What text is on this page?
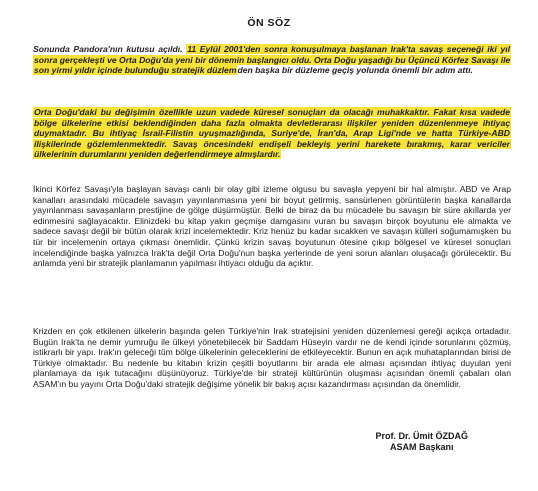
ÖN SÖZ
Sonunda Pandora'nın kutusu açıldı. 11 Eylül 2001'den sonra konuşulmaya başlanan Irak'ta savaş seçeneği iki yıl sonra gerçekleşti ve Orta Doğu'da yeni bir dönemin başlangıcı oldu. Orta Doğu yaşadığı bu Üçüncü Körfez Savaşı ile son yirmi yıldır içinde bulunduğu stratejik düzlemden başka bir düzleme geçiş yolunda önemli bir adım attı.
Orta Doğu'daki bu değişimin özellikle uzun vadede küresel sonuçları da olacağı muhakkaktır. Fakat kısa vadede bölge ülkelerine etkisi beklendiğinden daha fazla olmakta devletlerarası ilişkiler yeniden düzenlenmeye ihtiyaç duymaktadır. Bu ihtiyaç İsrail-Filistin uyuşmazlığında, Suriye'de, İran'da, Arap Ligi'nde ve hatta Türkiye-ABD ilişkilerinde gözlemlenmektedir. Savaş öncesindeki endişeli bekleyiş yerini harekete bırakmış, karar vericiler ülkelerinin durumlarını yeniden değerlendirmeye almışlardır.
İkinci Körfez Savaşı'yla başlayan savaşı canlı bir olay gibi izleme olgusu bu savaşla yepyeni bir hal almıştır. ABD ve Arap kanalları arasındaki mücadele savaşın yayınlanmasına yeni bir boyut getirmiş, sansürlenen görüntülerin başka kanallarda yayınlanması savaşanların prestijine de gölge düşürmüştür. Belki de biraz da bu mücadele bu savaşın bir süre akıllarda yer edinmesini sağlayacaktır. Elinizdeki bu kitap yakın geçmişe damgasını vuran bu savaşın birçok boyutunu ele almakta ve sadece savaşı değil bir bütün olarak krizi incelemektedir. Kriz henüz bu kadar sıcakken ve savaşın külleri soğumamışken bu tür bir incelemenin ortaya çıkması önemlidir. Çünkü krizin savaş boyutunun ötesine çıkıp bölgesel ve küresel sonuçları incelendiğinde başka yalnızca Irak'ta değil Orta Doğu'nun başka yerlerinde de yeni sorun alanları oluşacağı görülecektir. Bu anlamda yeni bir stratejik planlamanın yapılması ihtiyacı olduğu da açıktır.
Krizden en çok etkilenen ülkelerin başında gelen Türkiye'nin Irak stratejisini yeniden düzenlemesi gereği açıkça ortadadır. Bugün Irak'ta ne demir yumruğu ile ülkeyi yönetebilecek bir Saddam Hüseyin vardır ne de kendi içinde sorunlarını çözmüş, istikrarlı bir yapı. Irak'ın geleceği tüm bölge ülkelerinin geleceklerini de etkileyecektir. Bunun en açık muhataplarından birisi de Türkiye olmaktadır. Bu nedenle bu kitabın krizin çeşitli boyutlarını bir arada ele alması açısından ihtiyaç duyulan yeni planlamaya da ışık tutacağını düşünüyoruz. Türkiye'de bir strateji kültürünün oluşması açısından önemli çabaları olan ASAM'ın bu yayını Orta Doğu'daki stratejik değişime yönelik bir bakış açısı kazandırması açısından da önemlidir.
Prof. Dr. Ümit ÖZDAĞ
ASAM Başkanı
